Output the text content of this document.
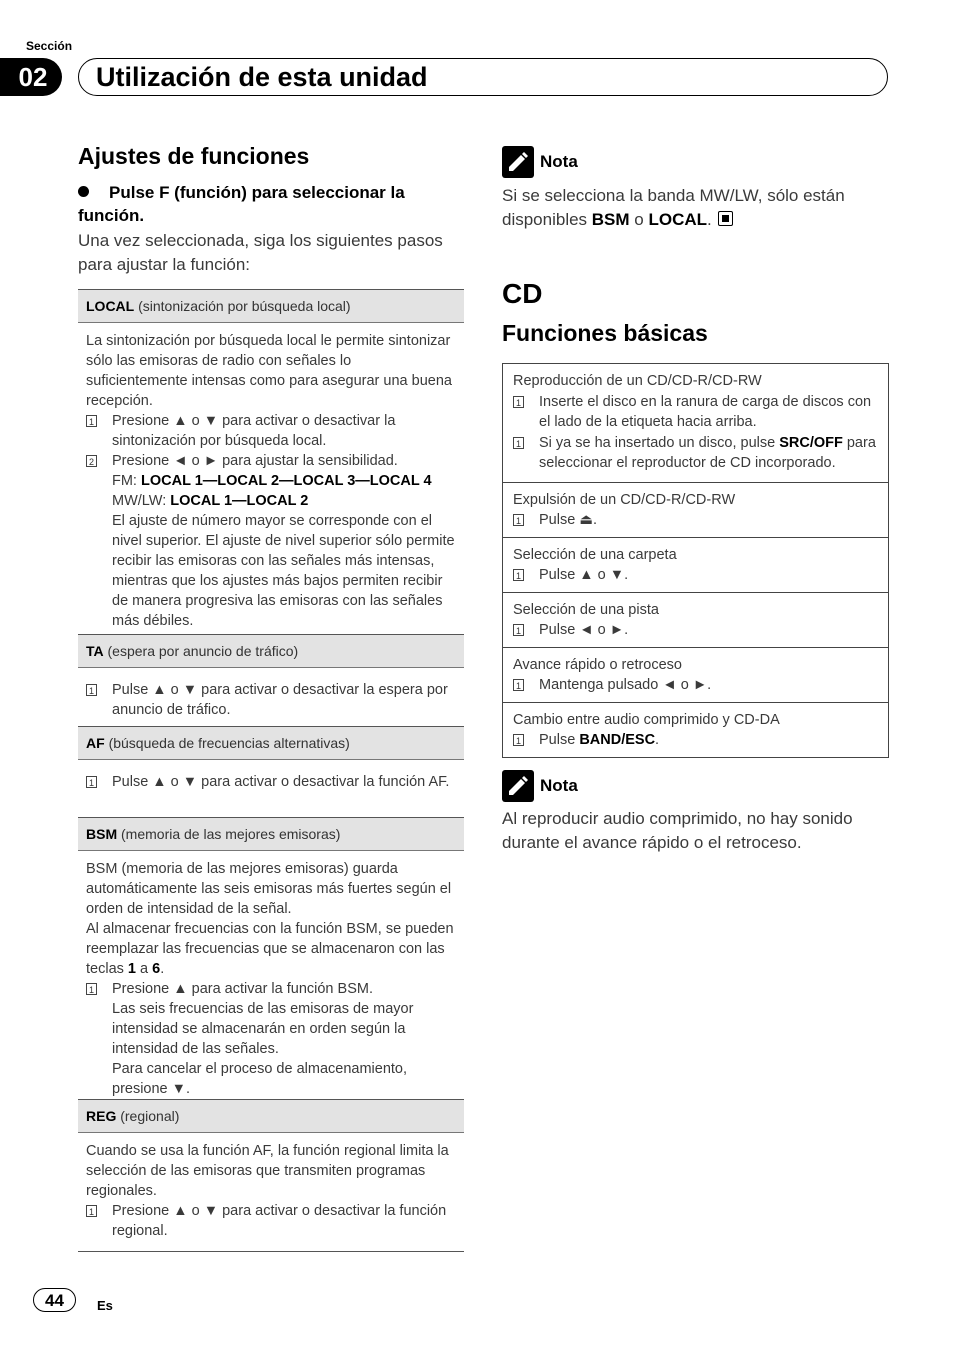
Sección
02	Utilización de esta unidad
Ajustes de funciones
Pulse F (función) para seleccionar la función.
Una vez seleccionada, siga los siguientes pasos para ajustar la función:
LOCAL (sintonización por búsqueda local)

La sintonización por búsqueda local le permite sintonizar sólo las emisoras de radio con señales lo suficientemente intensas como para asegurar una buena recepción.

1 Presione ▲ o ▼ para activar o desactivar la sintonización por búsqueda local.
2 Presione ◄ o ► para ajustar la sensibilidad.
FM: LOCAL 1—LOCAL 2—LOCAL 3—LOCAL 4
MW/LW: LOCAL 1—LOCAL 2
El ajuste de número mayor se corresponde con el nivel superior. El ajuste de nivel superior sólo permite recibir las emisoras con las señales más intensas, mientras que los ajustes más bajos permiten recibir de manera progresiva las emisoras con las señales más débiles.
TA (espera por anuncio de tráfico)
1 Pulse ▲ o ▼ para activar o desactivar la espera por anuncio de tráfico.
AF (búsqueda de frecuencias alternativas)
1 Pulse ▲ o ▼ para activar o desactivar la función AF.
BSM (memoria de las mejores emisoras)

BSM (memoria de las mejores emisoras) guarda automáticamente las seis emisoras más fuertes según el orden de intensidad de la señal.

Al almacenar frecuencias con la función BSM, se pueden reemplazar las frecuencias que se almacenaron con las teclas 1 a 6.

1 Presione ▲ para activar la función BSM.
Las seis frecuencias de las emisoras de mayor intensidad se almacenarán en orden según la intensidad de las señales.
Para cancelar el proceso de almacenamiento, presione ▼.
REG (regional)

Cuando se usa la función AF, la función regional limita la selección de las emisoras que transmiten programas regionales.

1 Presione ▲ o ▼ para activar o desactivar la función regional.
Nota
Si se selecciona la banda MW/LW, sólo están disponibles BSM o LOCAL.
CD
Funciones básicas
Reproducción de un CD/CD-R/CD-RW
1 Inserte el disco en la ranura de carga de discos con el lado de la etiqueta hacia arriba.
1 Si ya se ha insertado un disco, pulse SRC/OFF para seleccionar el reproductor de CD incorporado.
Expulsión de un CD/CD-R/CD-RW
1 Pulse ⏏.
Selección de una carpeta
1 Pulse ▲ o ▼.
Selección de una pista
1 Pulse ◄ o ►.
Avance rápido o retroceso
1 Mantenga pulsado ◄ o ►.
Cambio entre audio comprimido y CD-DA
1 Pulse BAND/ESC.
Nota
Al reproducir audio comprimido, no hay sonido durante el avance rápido o el retroceso.
44	Es
